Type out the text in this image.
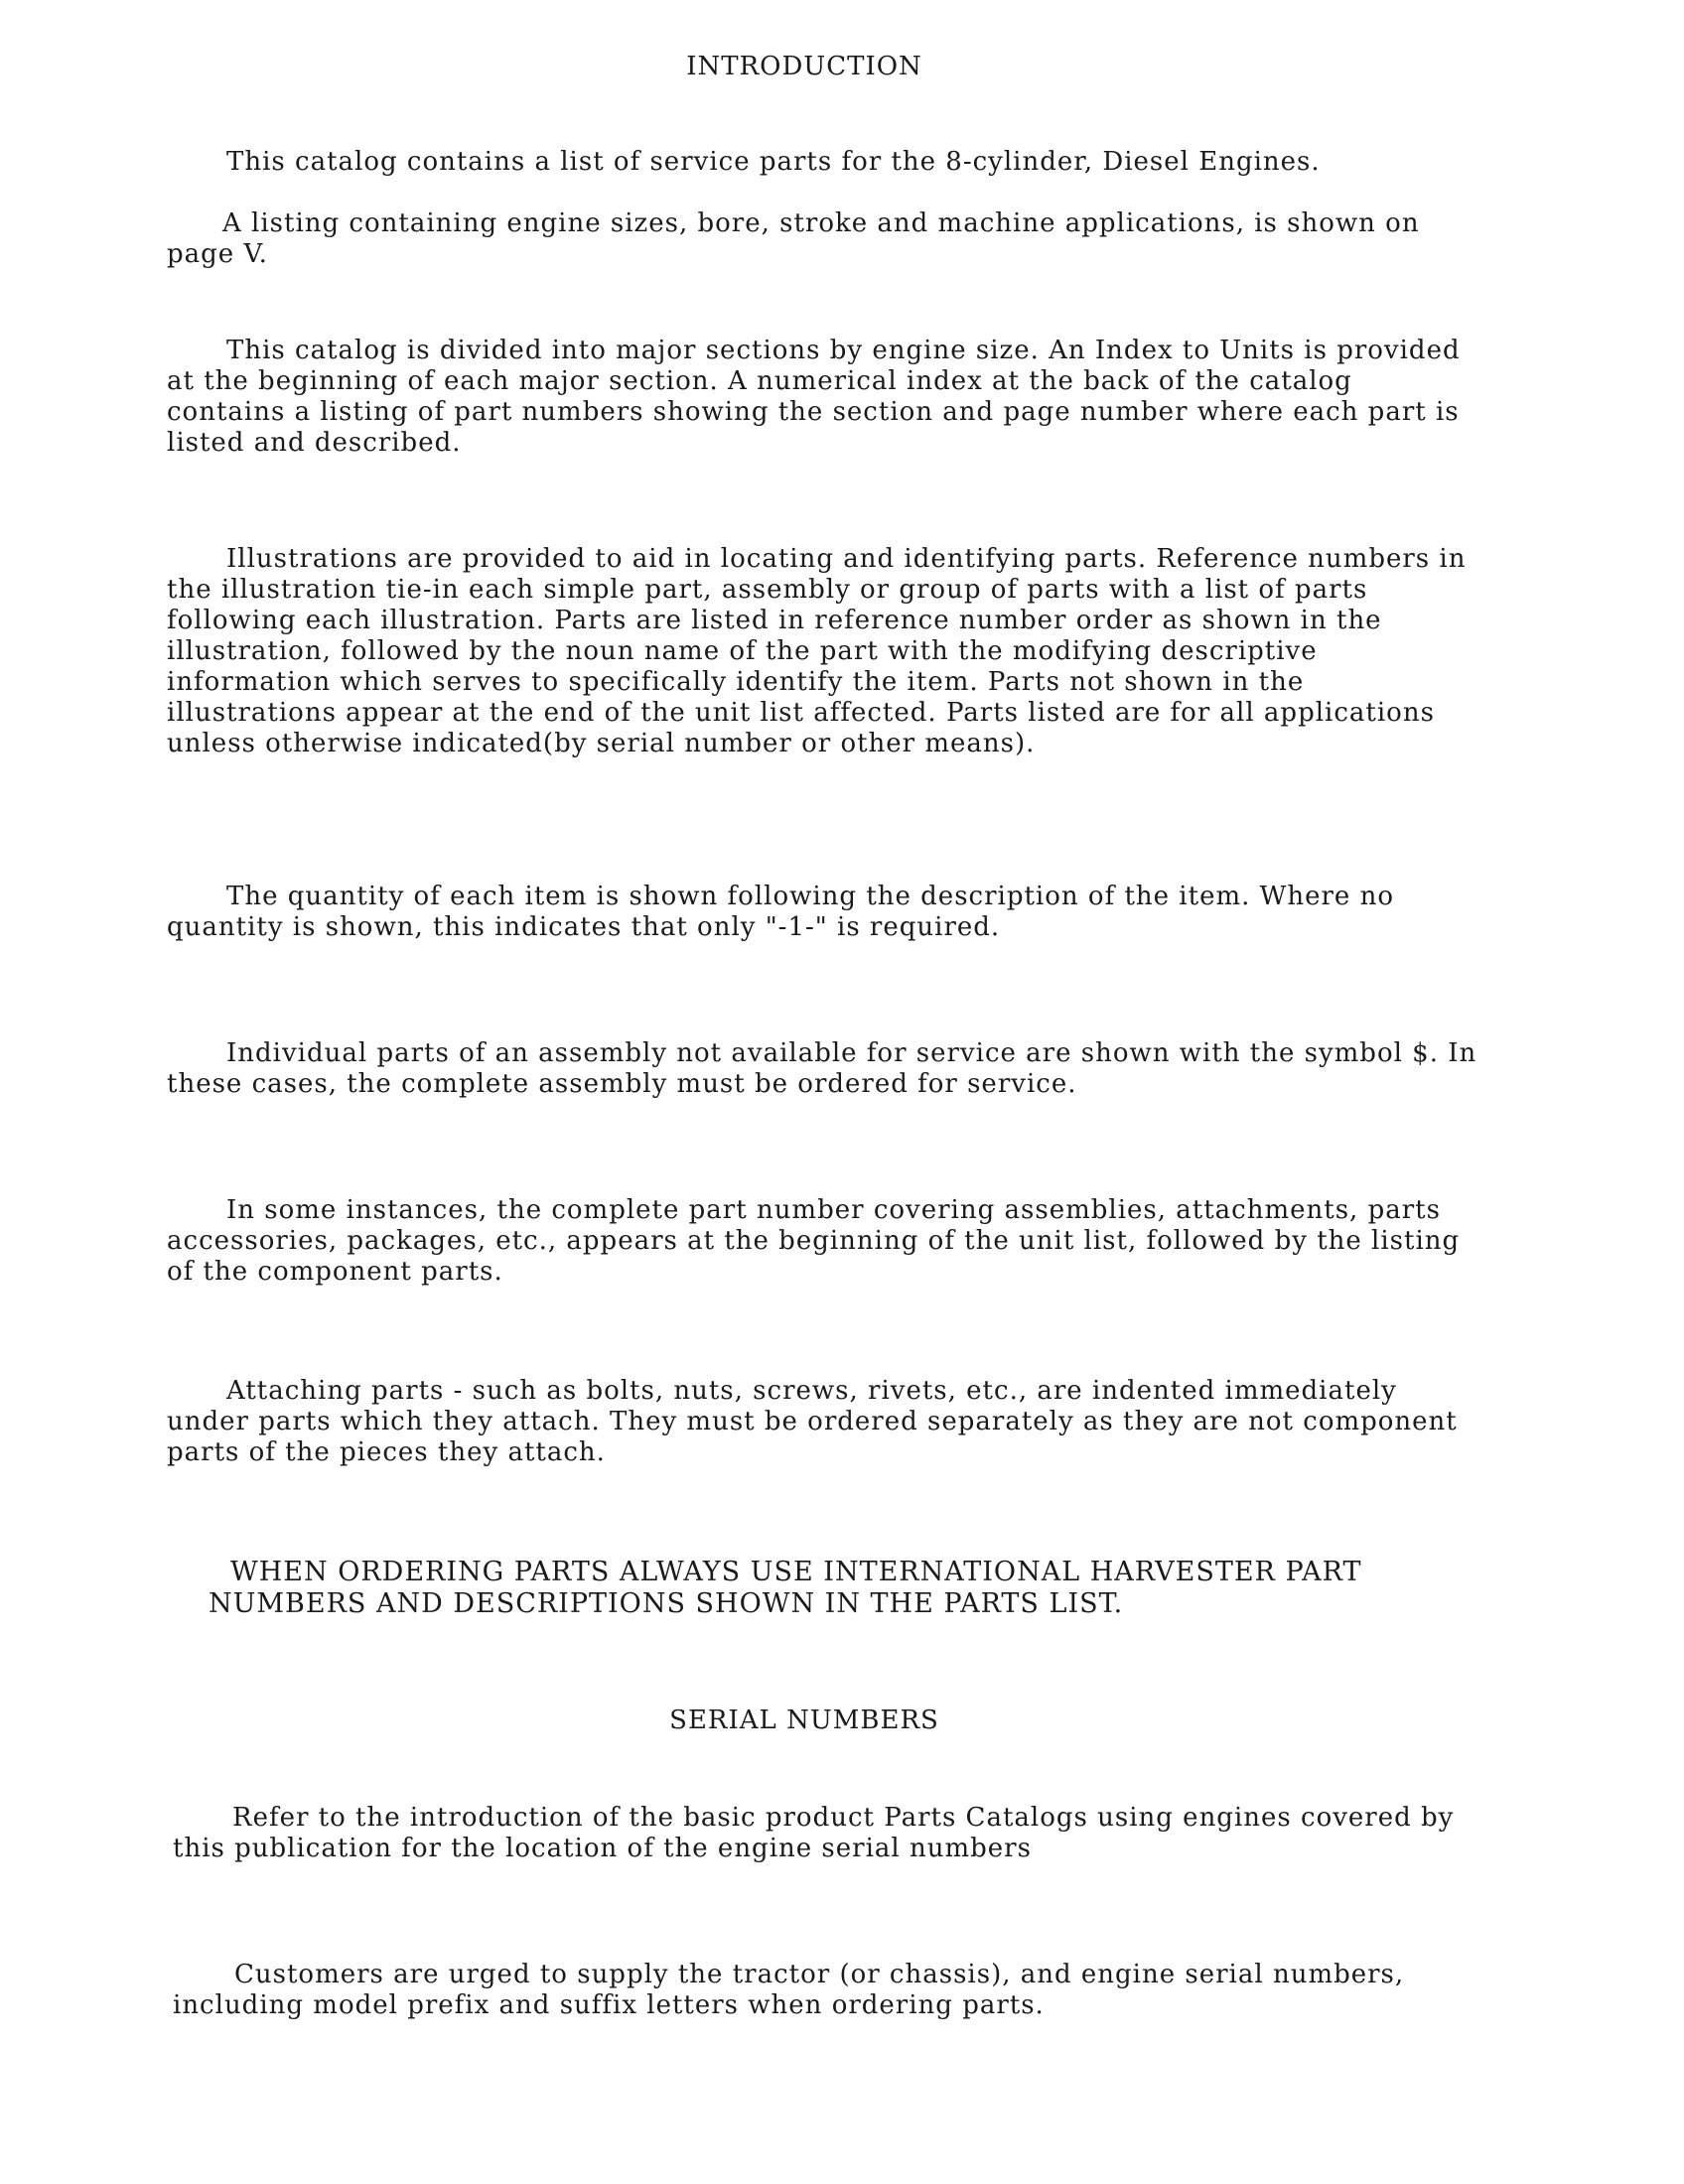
INTRODUCTION

This catalog contains a list of service parts for the 8-cylinder, Diesel Engines.

A listing containing engine sizes, bore, stroke and machine applications, is shown on page V.

This catalog is divided into major sections by engine size. An Index to Units is provided at the beginning of each major section. A numerical index at the back of the catalog contains a listing of part numbers showing the section and page number where each part is listed and described.

Illustrations are provided to aid in locating and identifying parts. Reference numbers in the illustration tie-in each simple part, assembly or group of parts with a list of parts following each illustration. Parts are listed in reference number order as shown in the illustration, followed by the noun name of the part with the modifying descriptive information which serves to specifically identify the item. Parts not shown in the illustrations appear at the end of the unit list affected. Parts listed are for all applications unless otherwise indicated(by serial number or other means).

The quantity of each item is shown following the description of the item. Where no quantity is shown, this indicates that only "-1-" is required.

Individual parts of an assembly not available for service are shown with the symbol $. In these cases, the complete assembly must be ordered for service.

In some instances, the complete part number covering assemblies, attachments, parts accessories, packages, etc., appears at the beginning of the unit list, followed by the listing of the component parts.

Attaching parts - such as bolts, nuts, screws, rivets, etc., are indented immediately under parts which they attach. They must be ordered separately as they are not component parts of the pieces they attach.

WHEN ORDERING PARTS ALWAYS USE INTERNATIONAL HARVESTER PART NUMBERS AND DESCRIPTIONS SHOWN IN THE PARTS LIST.

SERIAL NUMBERS

Refer to the introduction of the basic product Parts Catalogs using engines covered by this publication for the location of the engine serial numbers

Customers are urged to supply the tractor (or chassis), and engine serial numbers, including model prefix and suffix letters when ordering parts.
